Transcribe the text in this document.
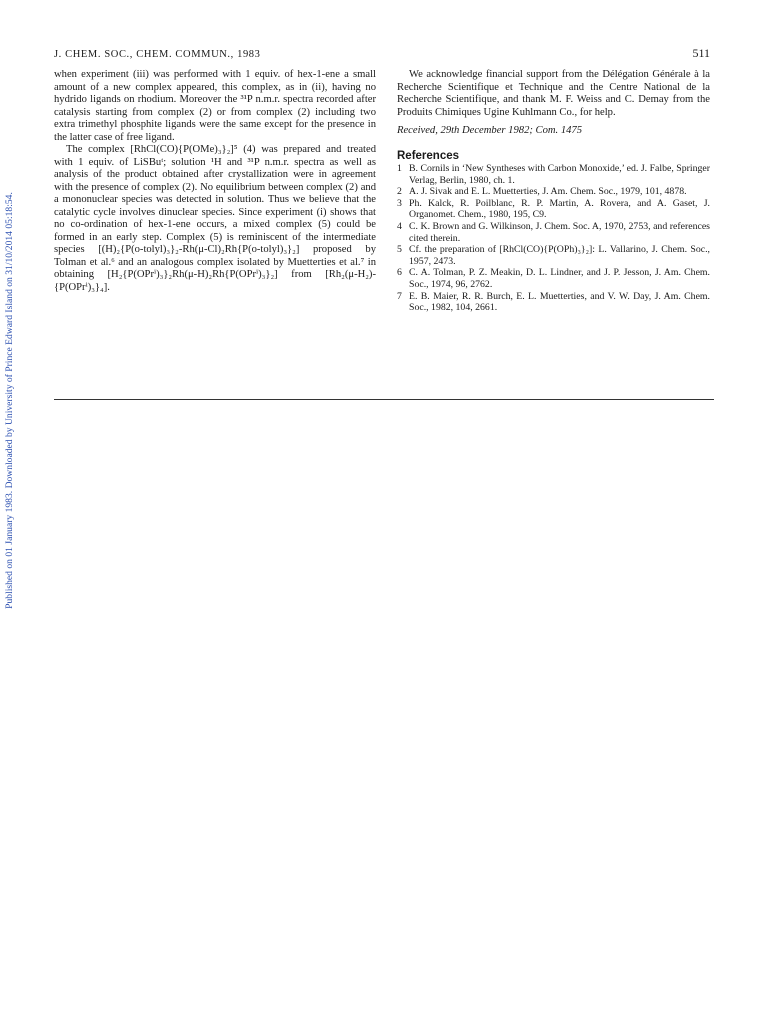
Published on 01 January 1983. Downloaded by University of Prince Edward Island on 31/10/2014 05:18:54.
J. CHEM. SOC., CHEM. COMMUN., 1983	511

when experiment (iii) was performed with 1 equiv. of hex-1-ene a small amount of a new complex appeared, this complex, as in (ii), having no hydrido ligands on rhodium. Moreover the ³¹P n.m.r. spectra recorded after catalysis starting from complex (2) or from complex (2) including two extra trimethyl phosphite ligands were the same except for the presence in the latter case of free ligand.

The complex [RhCl(CO){P(OMe)₃}₂]⁵ (4) was prepared and treated with 1 equiv. of LiSBuᵗ; solution ¹H and ³¹P n.m.r. spectra as well as analysis of the product obtained after crystallization were in agreement with the presence of complex (2). No equilibrium between complex (2) and a mononuclear species was detected in solution. Thus we believe that the catalytic cycle involves dinuclear species. Since experiment (i) shows that no co-ordination of hex-1-ene occurs, a mixed complex (5) could be formed in an early step. Complex (5) is reminiscent of the intermediate species [(H)₂{P(o-tolyl)₃}₂-Rh(μ-Cl)₂Rh{P(o-tolyl)₃}₂] proposed by Tolman et al.⁶ and an analogous complex isolated by Muetterties et al.⁷ in obtaining [H₂{P(OPrⁱ)₃}₂Rh(μ-H)₂Rh{P(OPrⁱ)₃}₂] from [Rh₂(μ-H₂)-{P(OPrⁱ)₃}₄].

We acknowledge financial support from the Délégation Générale à la Recherche Scientifique et Technique and the Centre National de la Recherche Scientifique, and thank M. F. Weiss and C. Demay from the Produits Chimiques Ugine Kuhlmann Co., for help.

Received, 29th December 1982; Com. 1475

References
1 B. Cornils in ‘New Syntheses with Carbon Monoxide,’ ed. J. Falbe, Springer Verlag, Berlin, 1980, ch. 1.
2 A. J. Sivak and E. L. Muetterties, J. Am. Chem. Soc., 1979, 101, 4878.
3 Ph. Kalck, R. Poilblanc, R. P. Martin, A. Rovera, and A. Gaset, J. Organomet. Chem., 1980, 195, C9.
4 C. K. Brown and G. Wilkinson, J. Chem. Soc. A, 1970, 2753, and references cited therein.
5 Cf. the preparation of [RhCl(CO){P(OPh)₃}₂]: L. Vallarino, J. Chem. Soc., 1957, 2473.
6 C. A. Tolman, P. Z. Meakin, D. L. Lindner, and J. P. Jesson, J. Am. Chem. Soc., 1974, 96, 2762.
7 E. B. Maier, R. R. Burch, E. L. Muetterties, and V. W. Day, J. Am. Chem. Soc., 1982, 104, 2661.
